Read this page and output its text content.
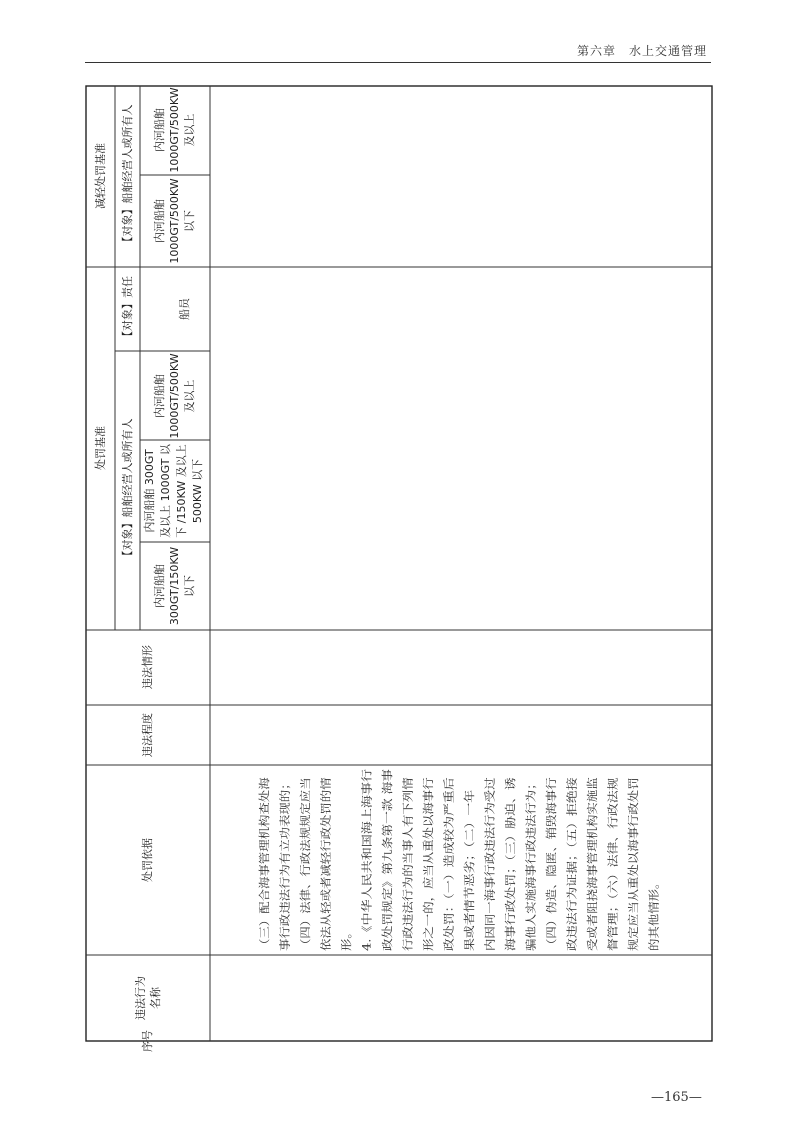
第六章　水上交通管理
减轻处罚基准 【对象】船舶经营人或所有人 内河船舶 1000GT/500KW 及以上
内河船舶 1000GT/500KW 以下
处罚基准
【对象】责任	船员
【对象】船舶经营人或所有人
内河船舶 1000GT/500KW 及以上
内河船舶 300GT 及以上 1000GT 以 下 /150KW 及以上 500KW 以下
内河船舶 300GT/150KW 以下
违法情形
违法程度
处罚依据
违法行为 名称
序号
（三）配合海事管理机构查处海 事行政违法行为有立功表现的； （四）法律、行政法规规定应当 依法从轻或者减轻行政处罚的情 形。 4.《中华人民共和国海上海事行 政处罚规定》第九条第一款 海事 行政违法行为的当事人有下列情 形之一的，应当从重处以海事行 政处罚：（一）造成较为严重后 果或者情节恶劣；（二）一年 内因同一海事行政违法行为受过 海事行政处罚；（三）胁迫、诱 骗他人实施海事行政违法行为； （四）伪造、隐匿、销毁海事行 政违法行为证据；（五）拒绝接 受或者阻挠海事管理机构实施监 督管理；（六）法律、行政法规 规定应当从重处以海事行政处罚 的其他情形。
—165—
